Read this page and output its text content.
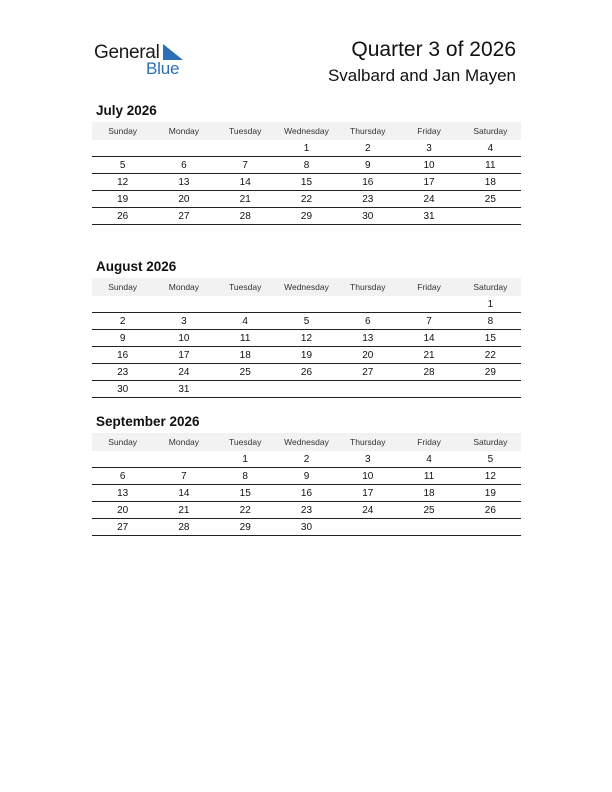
General
Blue
Quarter 3 of 2026
Svalbard and Jan Mayen
July 2026
Sunday	Monday	Tuesday	Wednesday	Thursday	Friday	Saturday
			1	2	3	4
5	6	7	8	9	10	11
12	13	14	15	16	17	18
19	20	21	22	23	24	25
26	27	28	29	30	31	
August 2026
Sunday	Monday	Tuesday	Wednesday	Thursday	Friday	Saturday
						1
2	3	4	5	6	7	8
9	10	11	12	13	14	15
16	17	18	19	20	21	22
23	24	25	26	27	28	29
30	31					
September 2026
Sunday	Monday	Tuesday	Wednesday	Thursday	Friday	Saturday
		1	2	3	4	5
6	7	8	9	10	11	12
13	14	15	16	17	18	19
20	21	22	23	24	25	26
27	28	29	30			
